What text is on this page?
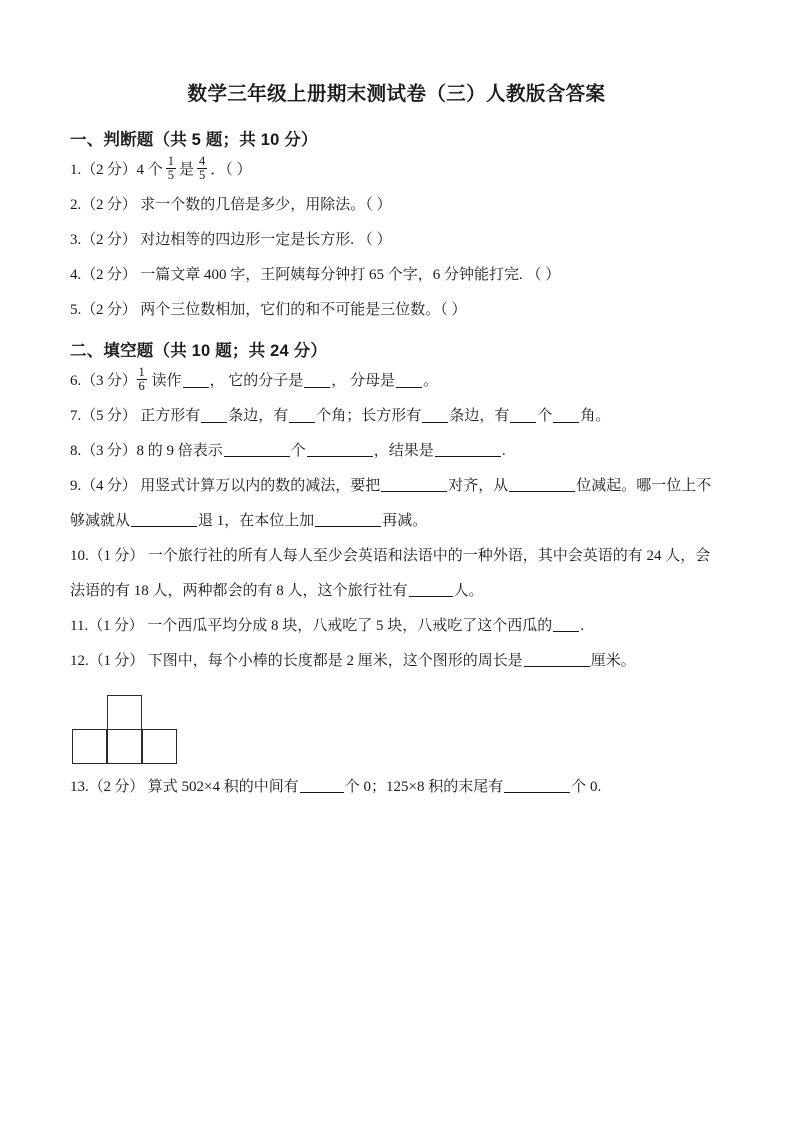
数学三年级上册期末测试卷（三）人教版含答案
一、判断题（共 5 题；共 10 分）

1.（2 分）4 个 $\frac{1}{5}$ 是 $\frac{4}{5}$ ．（ ）

2.（2 分） 求一个数的几倍是多少，用除法。（ ）

3.（2 分） 对边相等的四边形一定是长方形. （ ）

4.（2 分） 一篇文章 400 字，王阿姨每分钟打 65 个字，6 分钟能打完. （ ）

5.（2 分） 两个三位数相加，它们的和不可能是三位数。（ ）

二、填空题（共 10 题；共 24 分）

6.（3 分） $\frac{1}{6}$ 读作 ， 它的分子是 ， 分母是 。

7.（5 分） 正方形有 条边，有 个角；长方形有 条边，有 个 角。

8.（3 分）8 的 9 倍表示	个	，结果是	.

9.（4 分） 用竖式计算万以内的数的减法，要把	对齐，从	位减起。哪一位上不够减就从	退 1，在本位上加	再减。

10.（1 分） 一个旅行社的所有人每人至少会英语和法语中的一种外语，其中会英语的有 24 人，会法语的有 18 人，两种都会的有 8 人，这个旅行社有	人。

11.（1 分） 一个西瓜平均分成 8 块，八戒吃了 5 块，八戒吃了这个西瓜的 .

12.（1 分） 下图中，每个小棒的长度都是 2 厘米，这个图形的周长是	厘米。

13.（2 分） 算式 502×4 积的中间有	个 0；125×8 积的末尾有	个 0.
